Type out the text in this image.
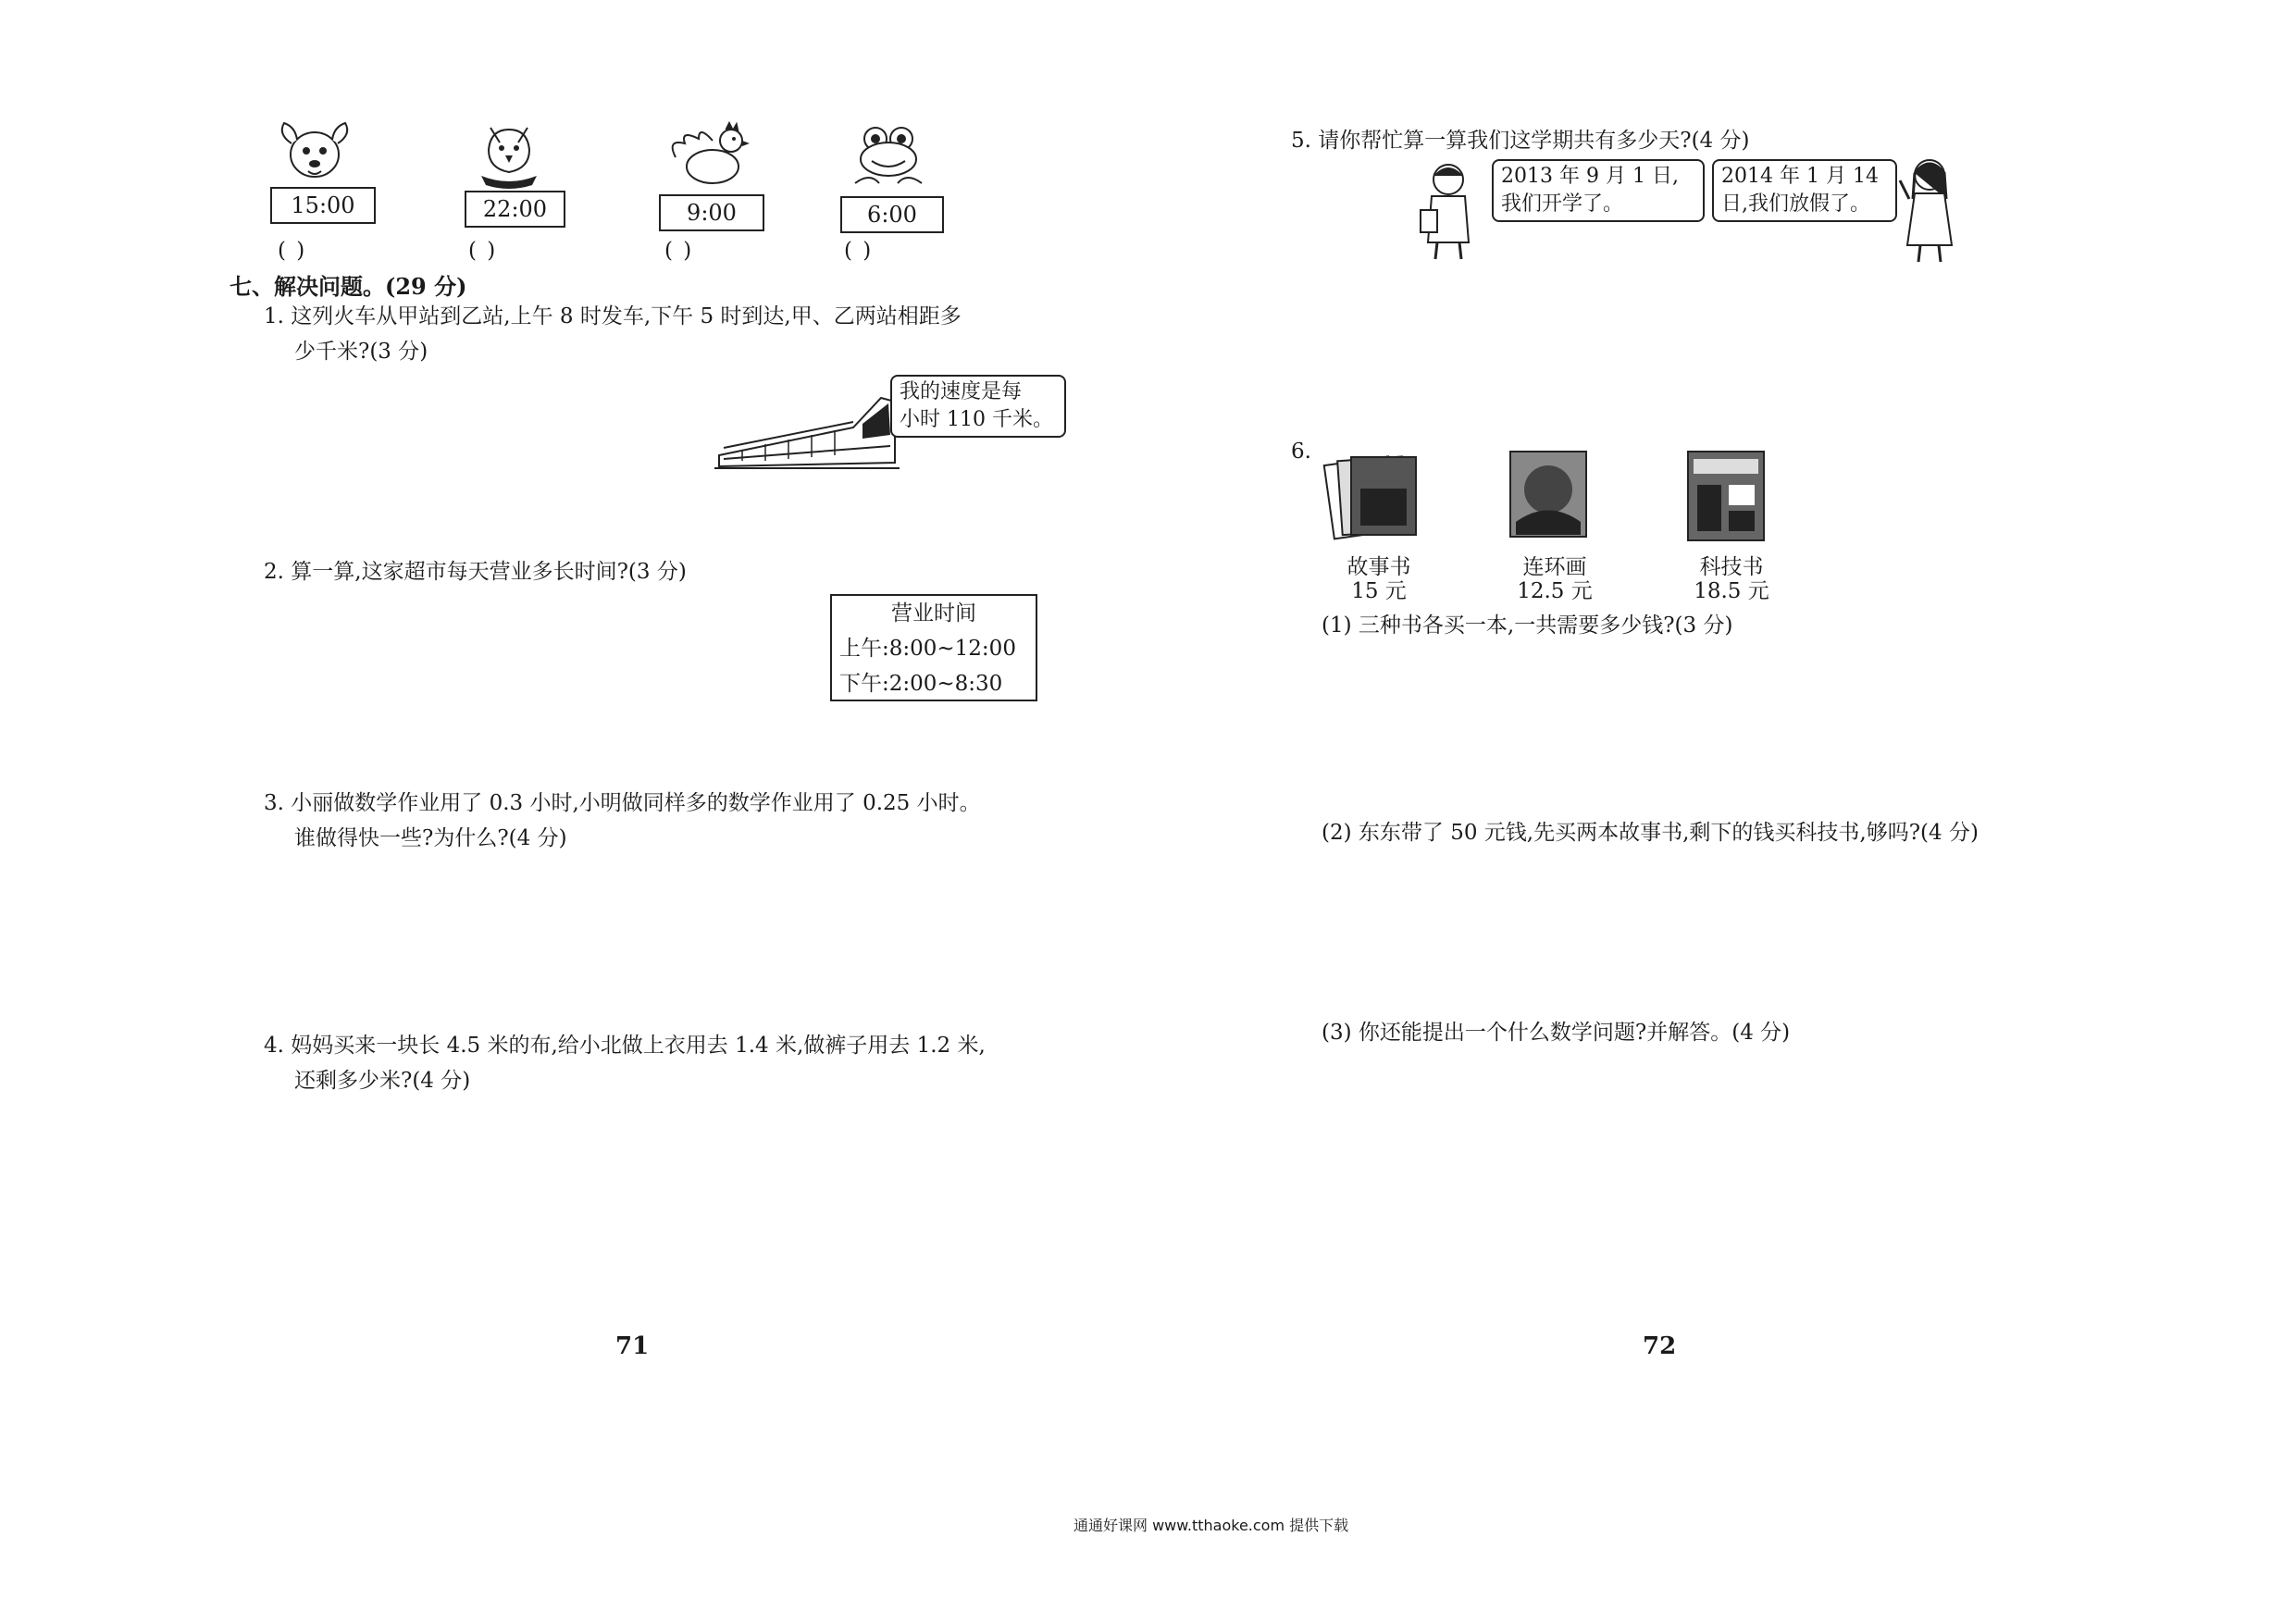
15:00
( )
22:00
( )
9:00
( )
6:00
( )
七、解决问题。(29 分)
1. 这列火车从甲站到乙站,上午 8 时发车,下午 5 时到达,甲、乙两站相距多
少千米?(3 分)
我的速度是每
小时 110 千米。
2. 算一算,这家超市每天营业多长时间?(3 分)
营业时间
上午:8:00~12:00
下午:2:00~8:30
3. 小丽做数学作业用了 0.3 小时,小明做同样多的数学作业用了 0.25 小时。
谁做得快一些?为什么?(4 分)
4. 妈妈买来一块长 4.5 米的布,给小北做上衣用去 1.4 米,做裤子用去 1.2 米,
还剩多少米?(4 分)
71
5. 请你帮忙算一算我们这学期共有多少天?(4 分)
2013 年 9 月 1 日,
我们开学了。
2014 年 1 月 14
日,我们放假了。
6.
故事书
15 元
连环画
12.5 元
科技书
18.5 元
(1) 三种书各买一本,一共需要多少钱?(3 分)
(2) 东东带了 50 元钱,先买两本故事书,剩下的钱买科技书,够吗?(4 分)
(3) 你还能提出一个什么数学问题?并解答。(4 分)
72
通通好课网 www.tthaoke.com 提供下载
